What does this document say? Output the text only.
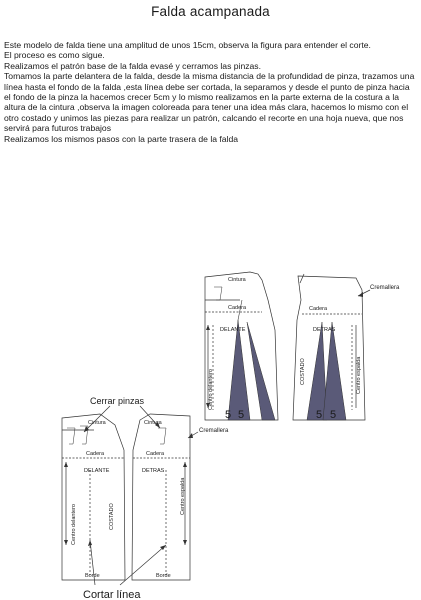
Falda acampanada

Este modelo de falda tiene una amplitud de unos 15cm, observa la figura para entender el corte.

El proceso es como sigue.

Realizamos el patrón base de la falda evasé y cerramos las pinzas.

Tomamos la parte delantera de la falda, desde la misma distancia de la profundidad de pinza, trazamos una línea hasta el fondo de la falda ,esta línea debe ser cortada, la separamos y desde el punto de pinza hacia el fondo de la pinza la hacemos crecer 5cm y lo mismo realizamos en la parte externa de la costura a la altura de la cintura ,observa la imagen coloreada para tener una idea más clara, hacemos lo mismo con el otro costado y unimos las piezas para realizar un patrón, calcando el recorte en una hoja nueva, que nos servirá para futuros trabajos

Realizamos los mismos pasos con la parte trasera de la falda

Cintura
Cadera
DELANTE
Centro delantero
5 5
Cadera
DETRAS
COSTADO	Centro espalda
5 5
Cremallera
Cerrar pinzas
Cremallera
Cintura	Cintura
Cadera	Cadera
DELANTE	DETRAS
COSTADO
Centro delantero
Centro espalda
Borde	Borde
Cortar línea
